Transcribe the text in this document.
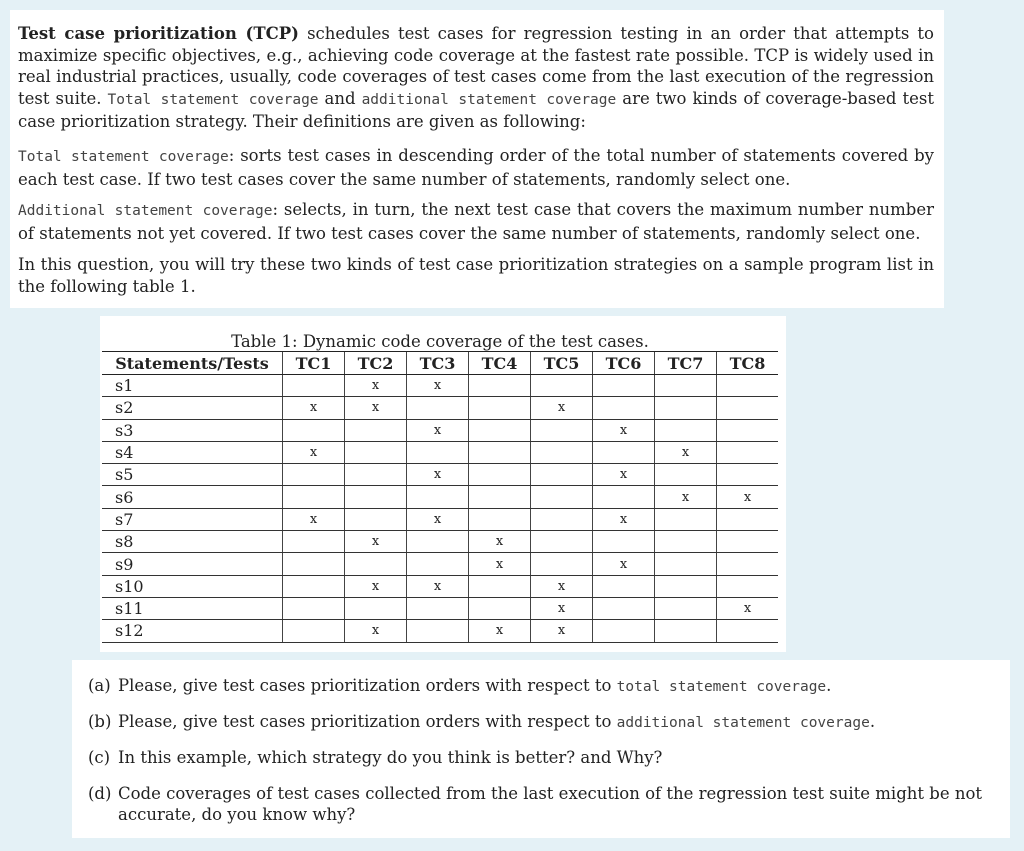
Test case prioritization (TCP) schedules test cases for regression testing in an order that attempts to maximize specific objectives, e.g., achieving code coverage at the fastest rate possible. TCP is widely used in real industrial practices, usually, code coverages of test cases come from the last execution of the regression test suite. Total statement coverage and additional statement coverage are two kinds of coverage-based test case prioritization strategy. Their definitions are given as following:
Total statement coverage: sorts test cases in descending order of the total number of statements covered by each test case. If two test cases cover the same number of statements, randomly select one.
Additional statement coverage: selects, in turn, the next test case that covers the maximum number number of statements not yet covered. If two test cases cover the same number of statements, randomly select one.
In this question, you will try these two kinds of test case prioritization strategies on a sample program list in the following table 1.
Table 1: Dynamic code coverage of the test cases.
Statements/Tests	TC1	TC2	TC3	TC4	TC5	TC6	TC7	TC8
s1		x	x					
s2	x	x			x			
s3			x			x		
s4	x						x	
s5			x			x		
s6							x	x
s7	x		x			x		
s8		x		x				
s9				x		x		
s10		x	x		x			
s11					x			x
s12		x		x	x			
(a) Please, give test cases prioritization orders with respect to total statement coverage.
(b) Please, give test cases prioritization orders with respect to additional statement coverage.
(c) In this example, which strategy do you think is better? and Why?
(d) Code coverages of test cases collected from the last execution of the regression test suite might be not accurate, do you know why?
